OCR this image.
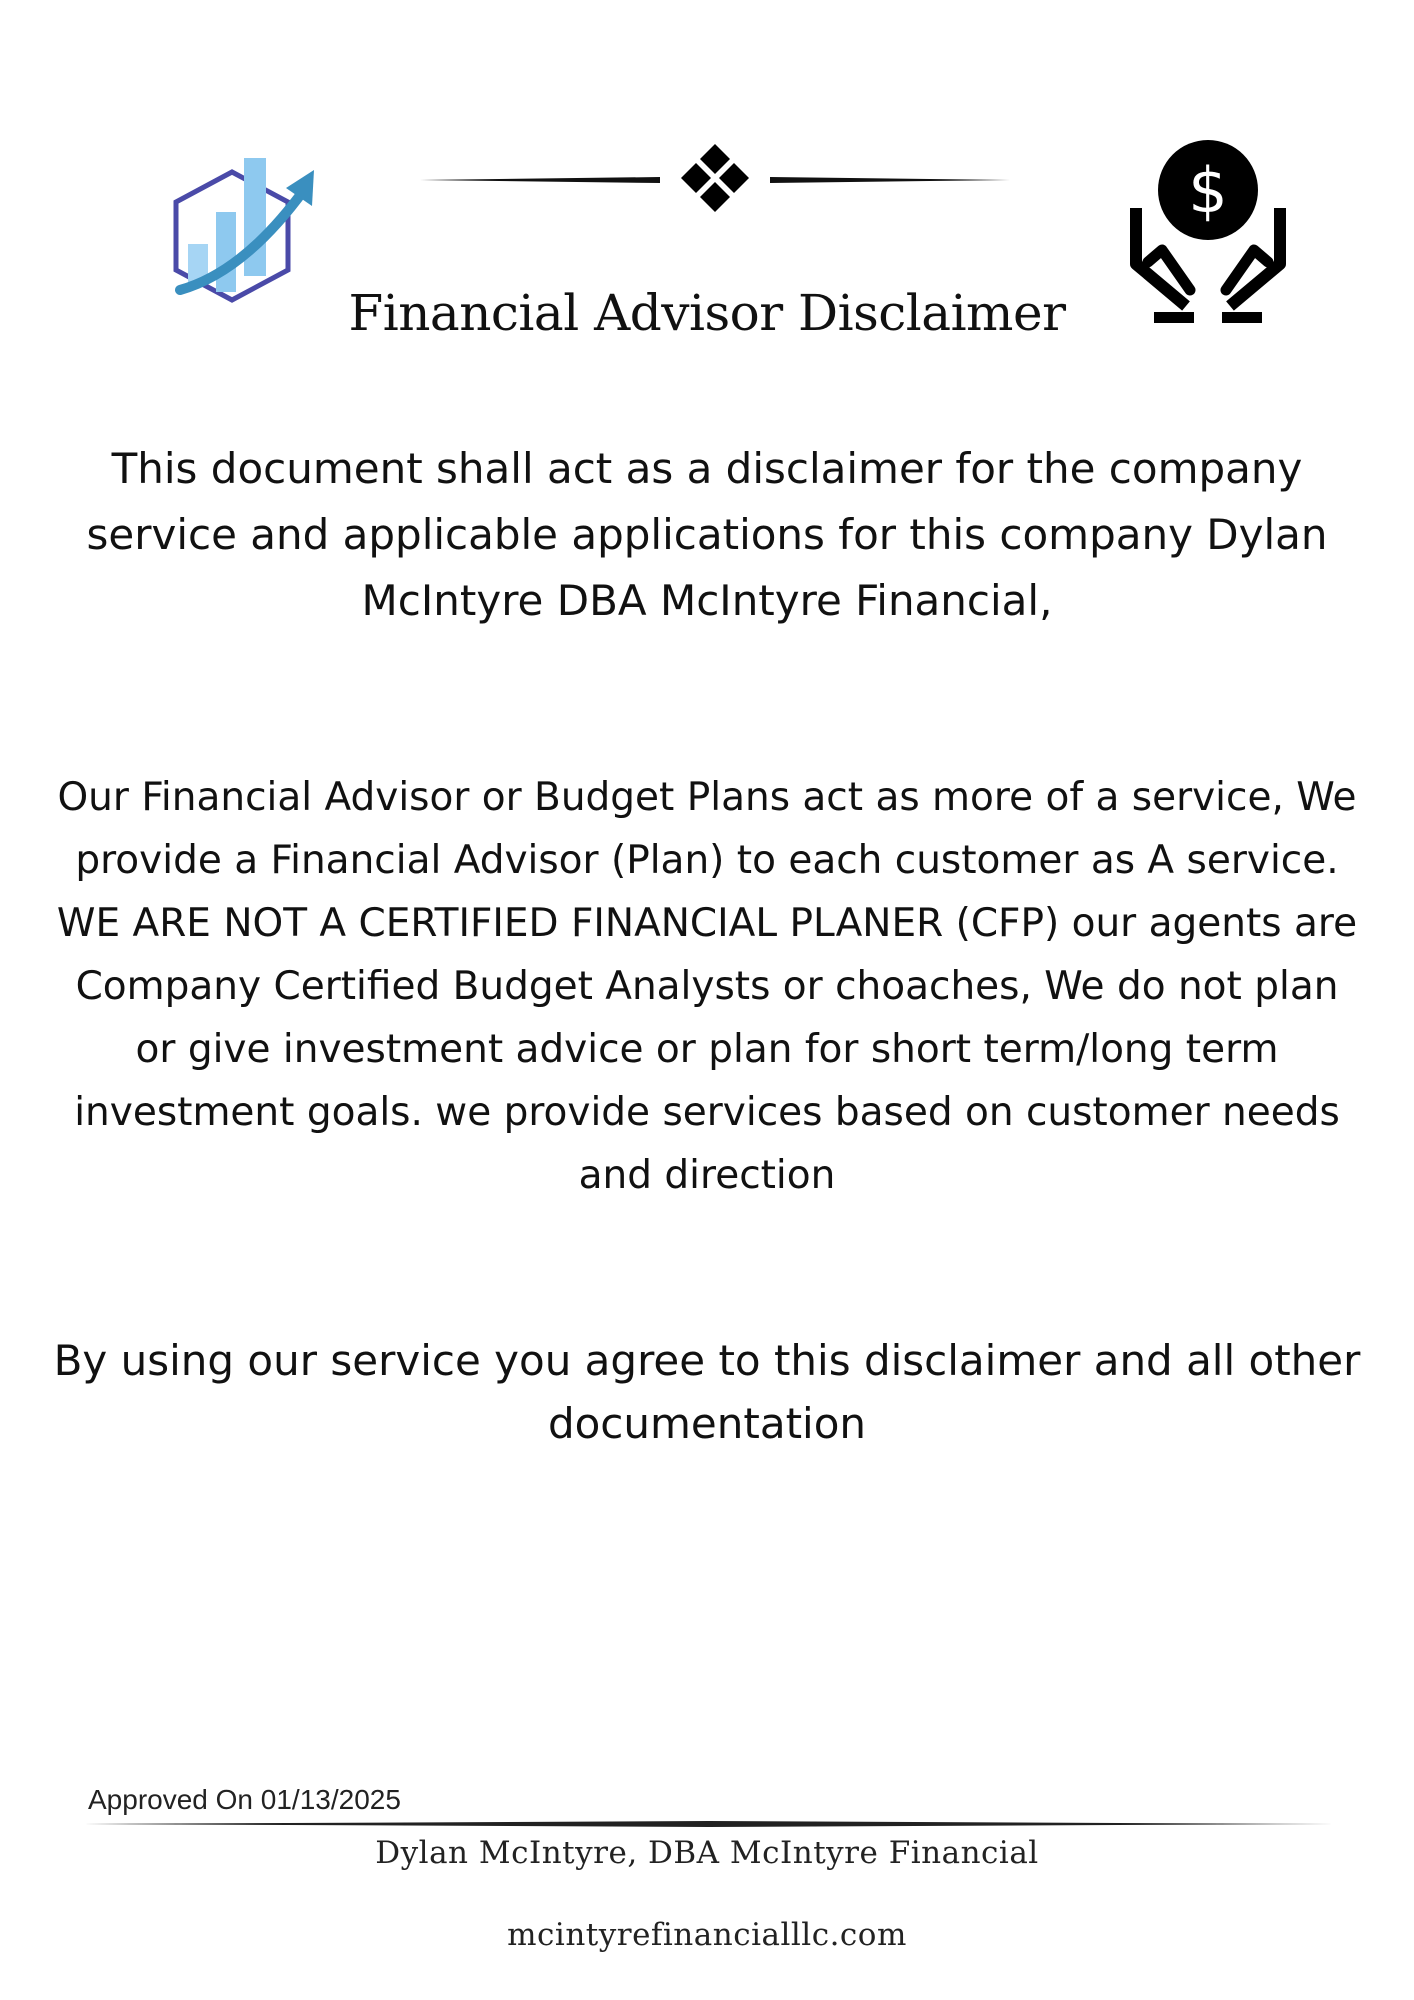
$
Financial Advisor Disclaimer
This document shall act as a disclaimer for the company service and applicable applications for this company Dylan McIntyre DBA McIntyre Financial,
Our Financial Advisor or Budget Plans act as more of a service, We provide a Financial Advisor (Plan) to each customer as A service. WE ARE NOT A CERTIFIED FINANCIAL PLANER (CFP) our agents are Company Certified Budget Analysts or choaches, We do not plan or give investment advice or plan for short term/long term investment goals. we provide services based on customer needs and direction
By using our service you agree to this disclaimer and all other documentation
Approved On 01/13/2025
Dylan McIntyre, DBA McIntyre Financial
mcintyrefinancialllc.com
